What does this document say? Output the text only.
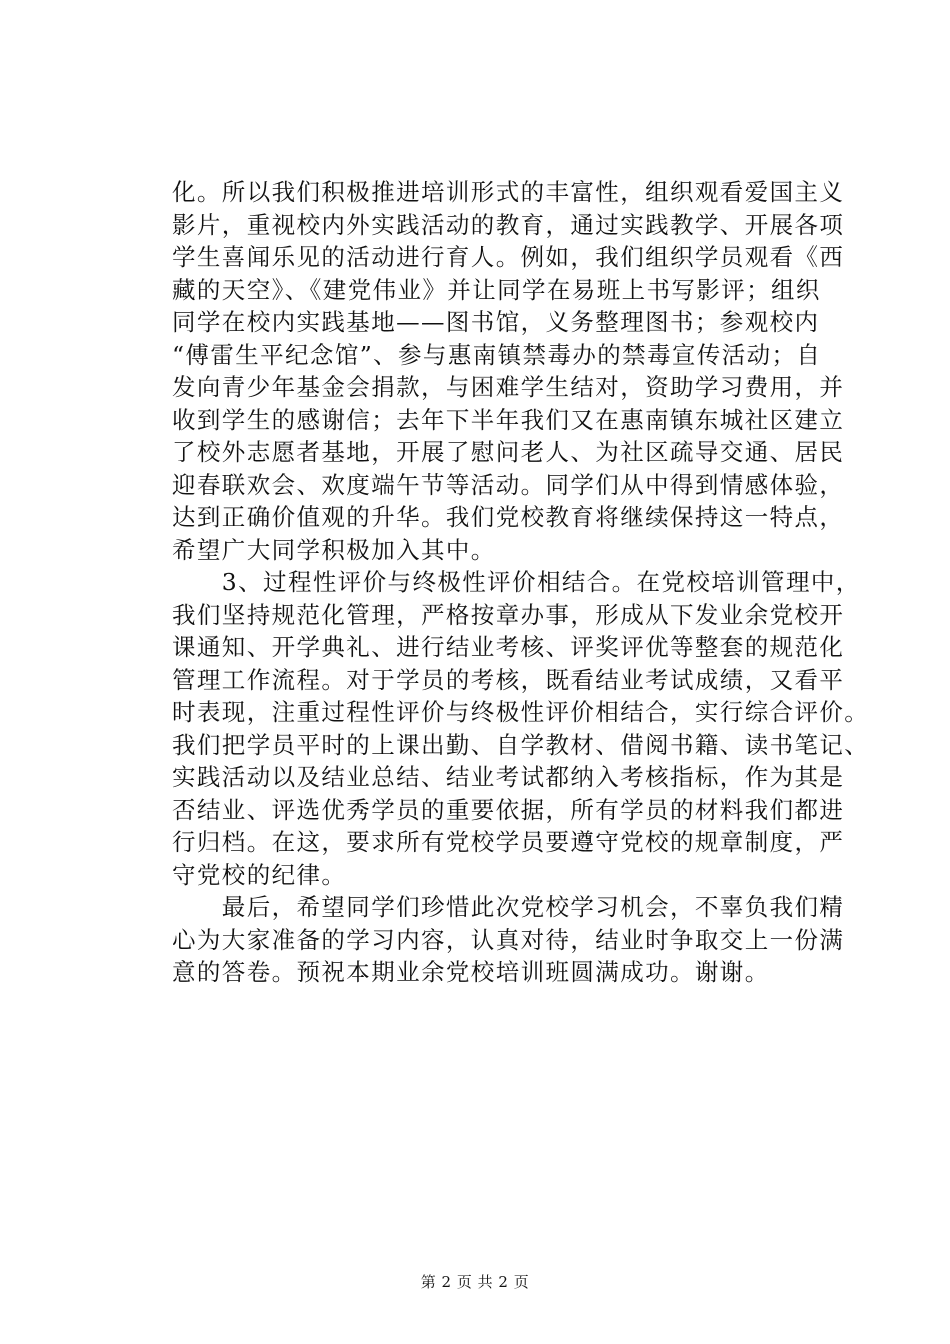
化。所以我们积极推进培训形式的丰富性，组织观看爱国主义
影片，重视校内外实践活动的教育，通过实践教学、开展各项
学生喜闻乐见的活动进行育人。例如，我们组织学员观看《西
藏的天空》、《建党伟业》并让同学在易班上书写影评；组织
同学在校内实践基地——图书馆，义务整理图书；参观校内
“傅雷生平纪念馆”、参与惠南镇禁毒办的禁毒宣传活动；自
发向青少年基金会捐款，与困难学生结对，资助学习费用，并
收到学生的感谢信；去年下半年我们又在惠南镇东城社区建立
了校外志愿者基地，开展了慰问老人、为社区疏导交通、居民
迎春联欢会、欢度端午节等活动。同学们从中得到情感体验，
达到正确价值观的升华。我们党校教育将继续保持这一特点，
希望广大同学积极加入其中。
　　3、过程性评价与终极性评价相结合。在党校培训管理中，
我们坚持规范化管理，严格按章办事，形成从下发业余党校开
课通知、开学典礼、进行结业考核、评奖评优等整套的规范化
管理工作流程。对于学员的考核，既看结业考试成绩，又看平
时表现，注重过程性评价与终极性评价相结合，实行综合评价。
我们把学员平时的上课出勤、自学教材、借阅书籍、读书笔记、
实践活动以及结业总结、结业考试都纳入考核指标，作为其是
否结业、评选优秀学员的重要依据，所有学员的材料我们都进
行归档。在这，要求所有党校学员要遵守党校的规章制度，严
守党校的纪律。
　　最后，希望同学们珍惜此次党校学习机会，不辜负我们精
心为大家准备的学习内容，认真对待，结业时争取交上一份满
意的答卷。预祝本期业余党校培训班圆满成功。谢谢。
第 2 页 共 2 页
